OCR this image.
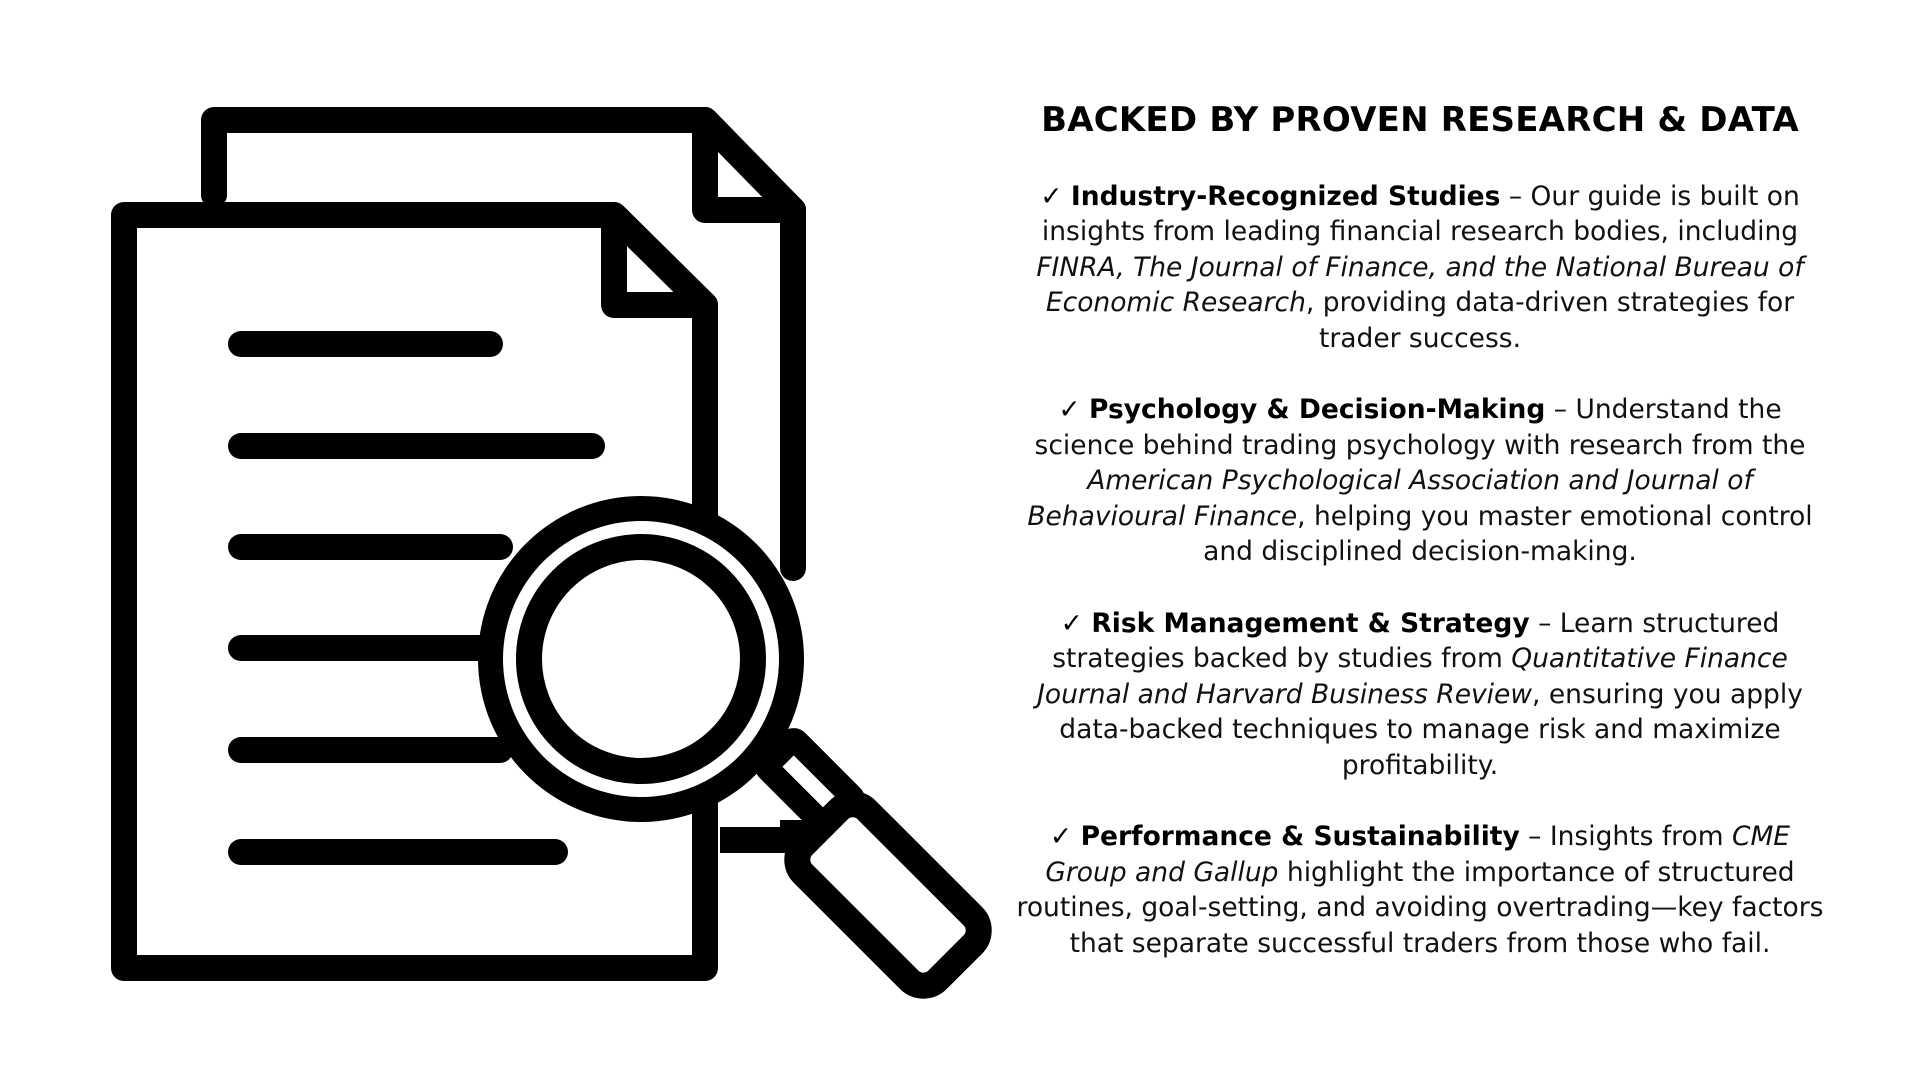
BACKED BY PROVEN RESEARCH & DATA

✓ Industry-Recognized Studies – Our guide is built on insights from leading financial research bodies, including FINRA, The Journal of Finance, and the National Bureau of Economic Research, providing data-driven strategies for trader success.

✓ Psychology & Decision-Making – Understand the science behind trading psychology with research from the American Psychological Association and Journal of Behavioural Finance, helping you master emotional control and disciplined decision-making.

✓ Risk Management & Strategy – Learn structured strategies backed by studies from Quantitative Finance Journal and Harvard Business Review, ensuring you apply data-backed techniques to manage risk and maximize profitability.

✓ Performance & Sustainability – Insights from CME Group and Gallup highlight the importance of structured routines, goal-setting, and avoiding overtrading—key factors that separate successful traders from those who fail.
